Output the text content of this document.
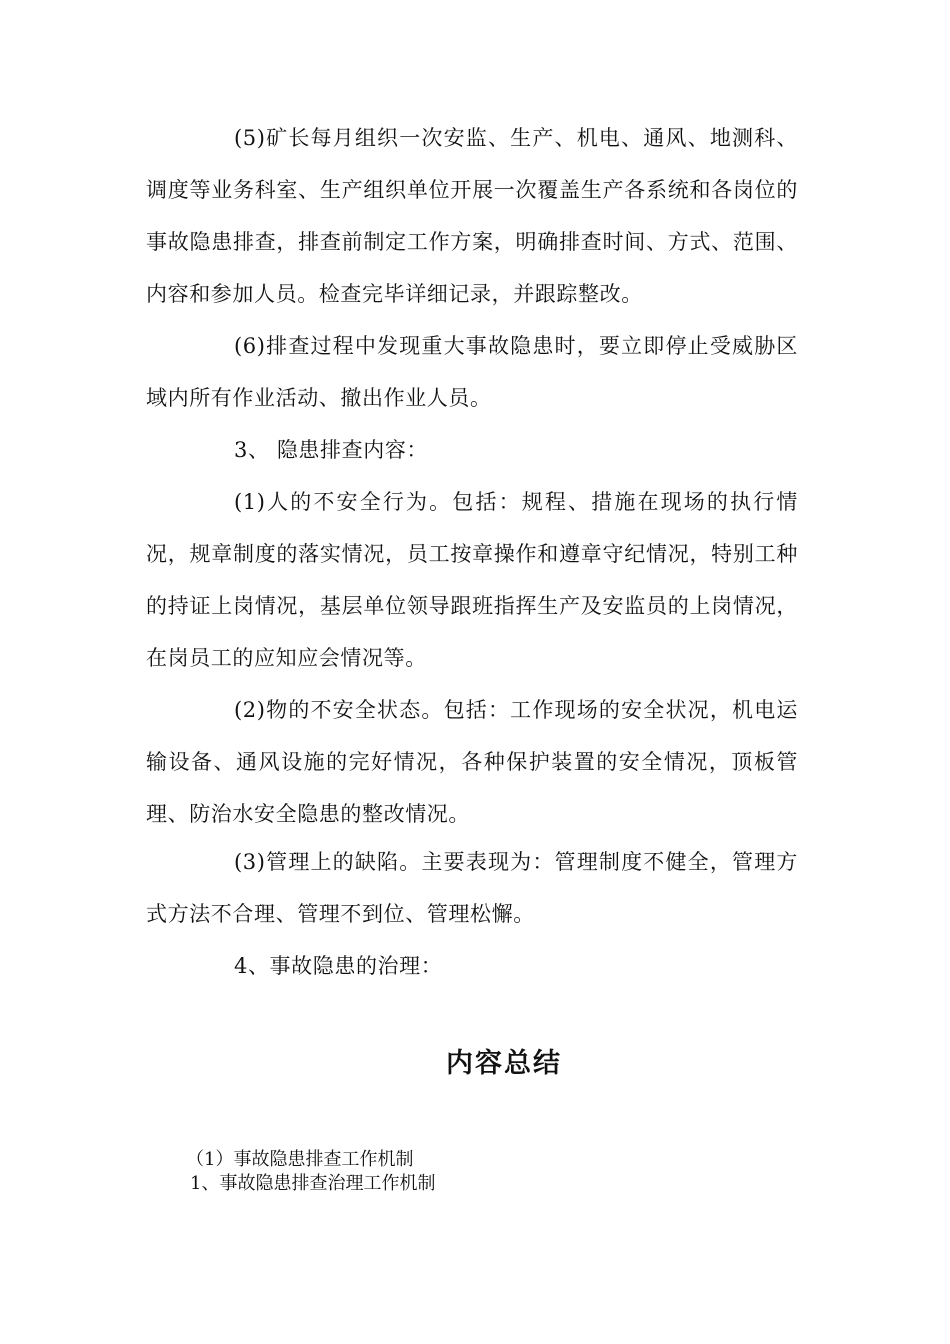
(5)矿长每月组织一次安监、生产、机电、通风、地测科、调度等业务科室、生产组织单位开展一次覆盖生产各系统和各岗位的事故隐患排查，排查前制定工作方案，明确排查时间、方式、范围、内容和参加人员。检查完毕详细记录，并跟踪整改。

(6)排查过程中发现重大事故隐患时，要立即停止受威胁区域内所有作业活动、撤出作业人员。

3、 隐患排查内容：

(1)人的不安全行为。包括：规程、措施在现场的执行情况，规章制度的落实情况，员工按章操作和遵章守纪情况，特别工种的持证上岗情况，基层单位领导跟班指挥生产及安监员的上岗情况，在岗员工的应知应会情况等。

(2)物的不安全状态。包括：工作现场的安全状况，机电运输设备、通风设施的完好情况，各种保护装置的安全情况，顶板管理、防治水安全隐患的整改情况。

(3)管理上的缺陷。主要表现为：管理制度不健全，管理方式方法不合理、管理不到位、管理松懈。

4、事故隐患的治理：

内容总结

（1）事故隐患排查工作机制

1、事故隐患排查治理工作机制
